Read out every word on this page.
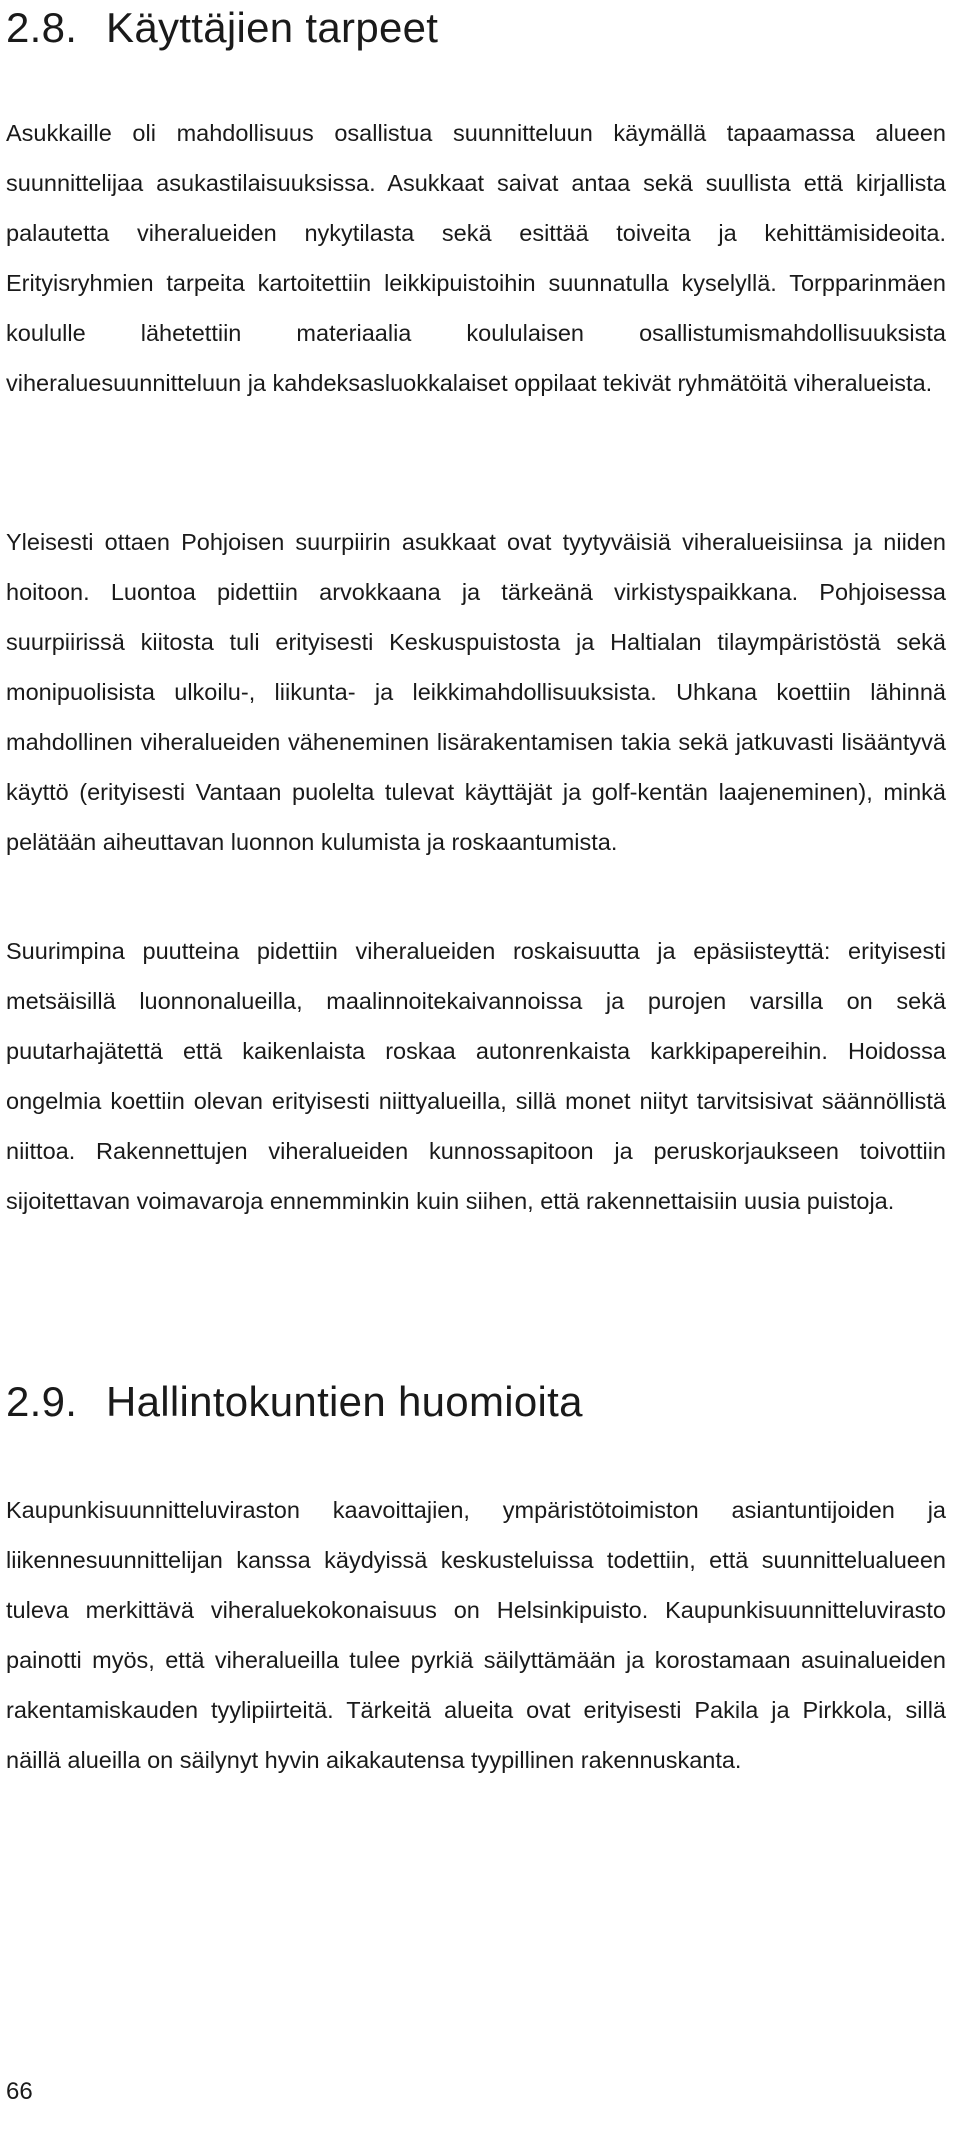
2.8. Käyttäjien tarpeet

Asukkaille oli mahdollisuus osallistua suunnitteluun käymällä tapaamassa alueen suunnittelijaa asukastilaisuuksissa. Asukkaat saivat antaa sekä suullista että kirjallista palautetta viheralueiden nykytilasta sekä esittää toiveita ja kehittämisideoita. Erityisryhmien tarpeita kartoitettiin leikkipuistoihin suunnatulla kyselyllä. Torpparinmäen koululle lähetettiin materiaalia koululaisen osallistumismahdollisuuksista viheraluesuunnitteluun ja kahdeksasluokkalaiset oppilaat tekivät ryhmätöitä viheralueista.

Yleisesti ottaen Pohjoisen suurpiirin asukkaat ovat tyytyväisiä viheralueisiinsa ja niiden hoitoon. Luontoa pidettiin arvokkaana ja tärkeänä virkistyspaikkana. Pohjoisessa suurpiirissä kiitosta tuli erityisesti Keskuspuistosta ja Haltialan tilaympäristöstä sekä monipuolisista ulkoilu-, liikunta- ja leikkimahdollisuuksista. Uhkana koettiin lähinnä mahdollinen viheralueiden väheneminen lisärakentamisen takia sekä jatkuvasti lisääntyvä käyttö (erityisesti Vantaan puolelta tulevat käyttäjät ja golf-kentän laajeneminen), minkä pelätään aiheuttavan luonnon kulumista ja roskaantumista.

Suurimpina puutteina pidettiin viheralueiden roskaisuutta ja epäsiisteyttä: erityisesti metsäisillä luonnonalueilla, maalinnoitekaivannoissa ja purojen varsilla on sekä puutarhajätettä että kaikenlaista roskaa autonrenkaista karkkipapereihin. Hoidossa ongelmia koettiin olevan erityisesti niittyalueilla, sillä monet niityt tarvitsisivat säännöllistä niittoa. Rakennettujen viheralueiden kunnossapitoon ja peruskorjaukseen toivottiin sijoitettavan voimavaroja ennemminkin kuin siihen, että rakennettaisiin uusia puistoja.

2.9. Hallintokuntien huomioita

Kaupunkisuunnitteluviraston kaavoittajien, ympäristötoimiston asiantuntijoiden ja liikennesuunnittelijan kanssa käydyissä keskusteluissa todettiin, että suunnittelualueen tuleva merkittävä viheraluekokonaisuus on Helsinkipuisto. Kaupunkisuunnitteluvirasto painotti myös, että viheralueilla tulee pyrkiä säilyttämään ja korostamaan asuinalueiden rakentamiskauden tyylipiirteitä. Tärkeitä alueita ovat erityisesti Pakila ja Pirkkola, sillä näillä alueilla on säilynyt hyvin aikakautensa tyypillinen rakennuskanta.

66
